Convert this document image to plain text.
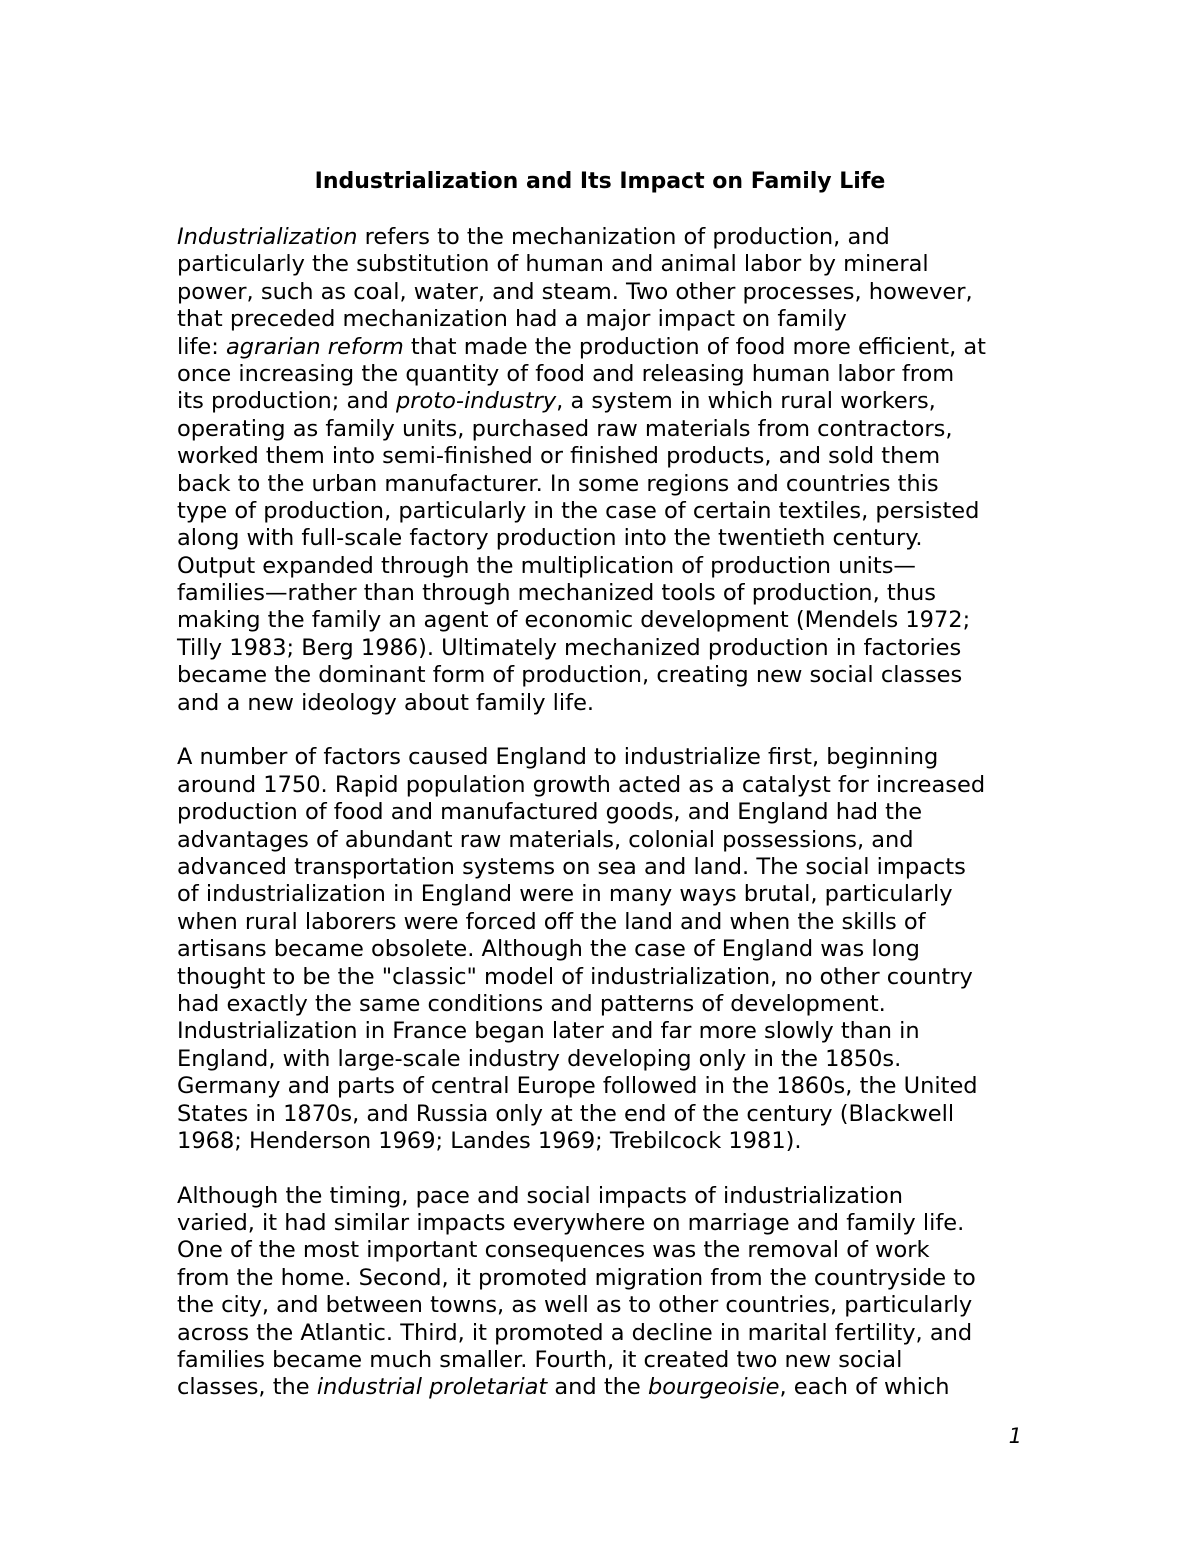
Industrialization and Its Impact on Family Life
Industrialization refers to the mechanization of production, and
particularly the substitution of human and animal labor by mineral
power, such as coal, water, and steam. Two other processes, however,
that preceded mechanization had a major impact on family
life: agrarian reform that made the production of food more efficient, at
once increasing the quantity of food and releasing human labor from
its production; and proto-industry, a system in which rural workers,
operating as family units, purchased raw materials from contractors,
worked them into semi-finished or finished products, and sold them
back to the urban manufacturer. In some regions and countries this
type of production, particularly in the case of certain textiles, persisted
along with full-scale factory production into the twentieth century.
Output expanded through the multiplication of production units—
families—rather than through mechanized tools of production, thus
making the family an agent of economic development (Mendels 1972;
Tilly 1983; Berg 1986). Ultimately mechanized production in factories
became the dominant form of production, creating new social classes
and a new ideology about family life.
A number of factors caused England to industrialize first, beginning
around 1750. Rapid population growth acted as a catalyst for increased
production of food and manufactured goods, and England had the
advantages of abundant raw materials, colonial possessions, and
advanced transportation systems on sea and land. The social impacts
of industrialization in England were in many ways brutal, particularly
when rural laborers were forced off the land and when the skills of
artisans became obsolete. Although the case of England was long
thought to be the "classic" model of industrialization, no other country
had exactly the same conditions and patterns of development.
Industrialization in France began later and far more slowly than in
England, with large-scale industry developing only in the 1850s.
Germany and parts of central Europe followed in the 1860s, the United
States in 1870s, and Russia only at the end of the century (Blackwell
1968; Henderson 1969; Landes 1969; Trebilcock 1981).
Although the timing, pace and social impacts of industrialization
varied, it had similar impacts everywhere on marriage and family life.
One of the most important consequences was the removal of work
from the home. Second, it promoted migration from the countryside to
the city, and between towns, as well as to other countries, particularly
across the Atlantic. Third, it promoted a decline in marital fertility, and
families became much smaller. Fourth, it created two new social
classes, the industrial proletariat and the bourgeoisie, each of which
1
